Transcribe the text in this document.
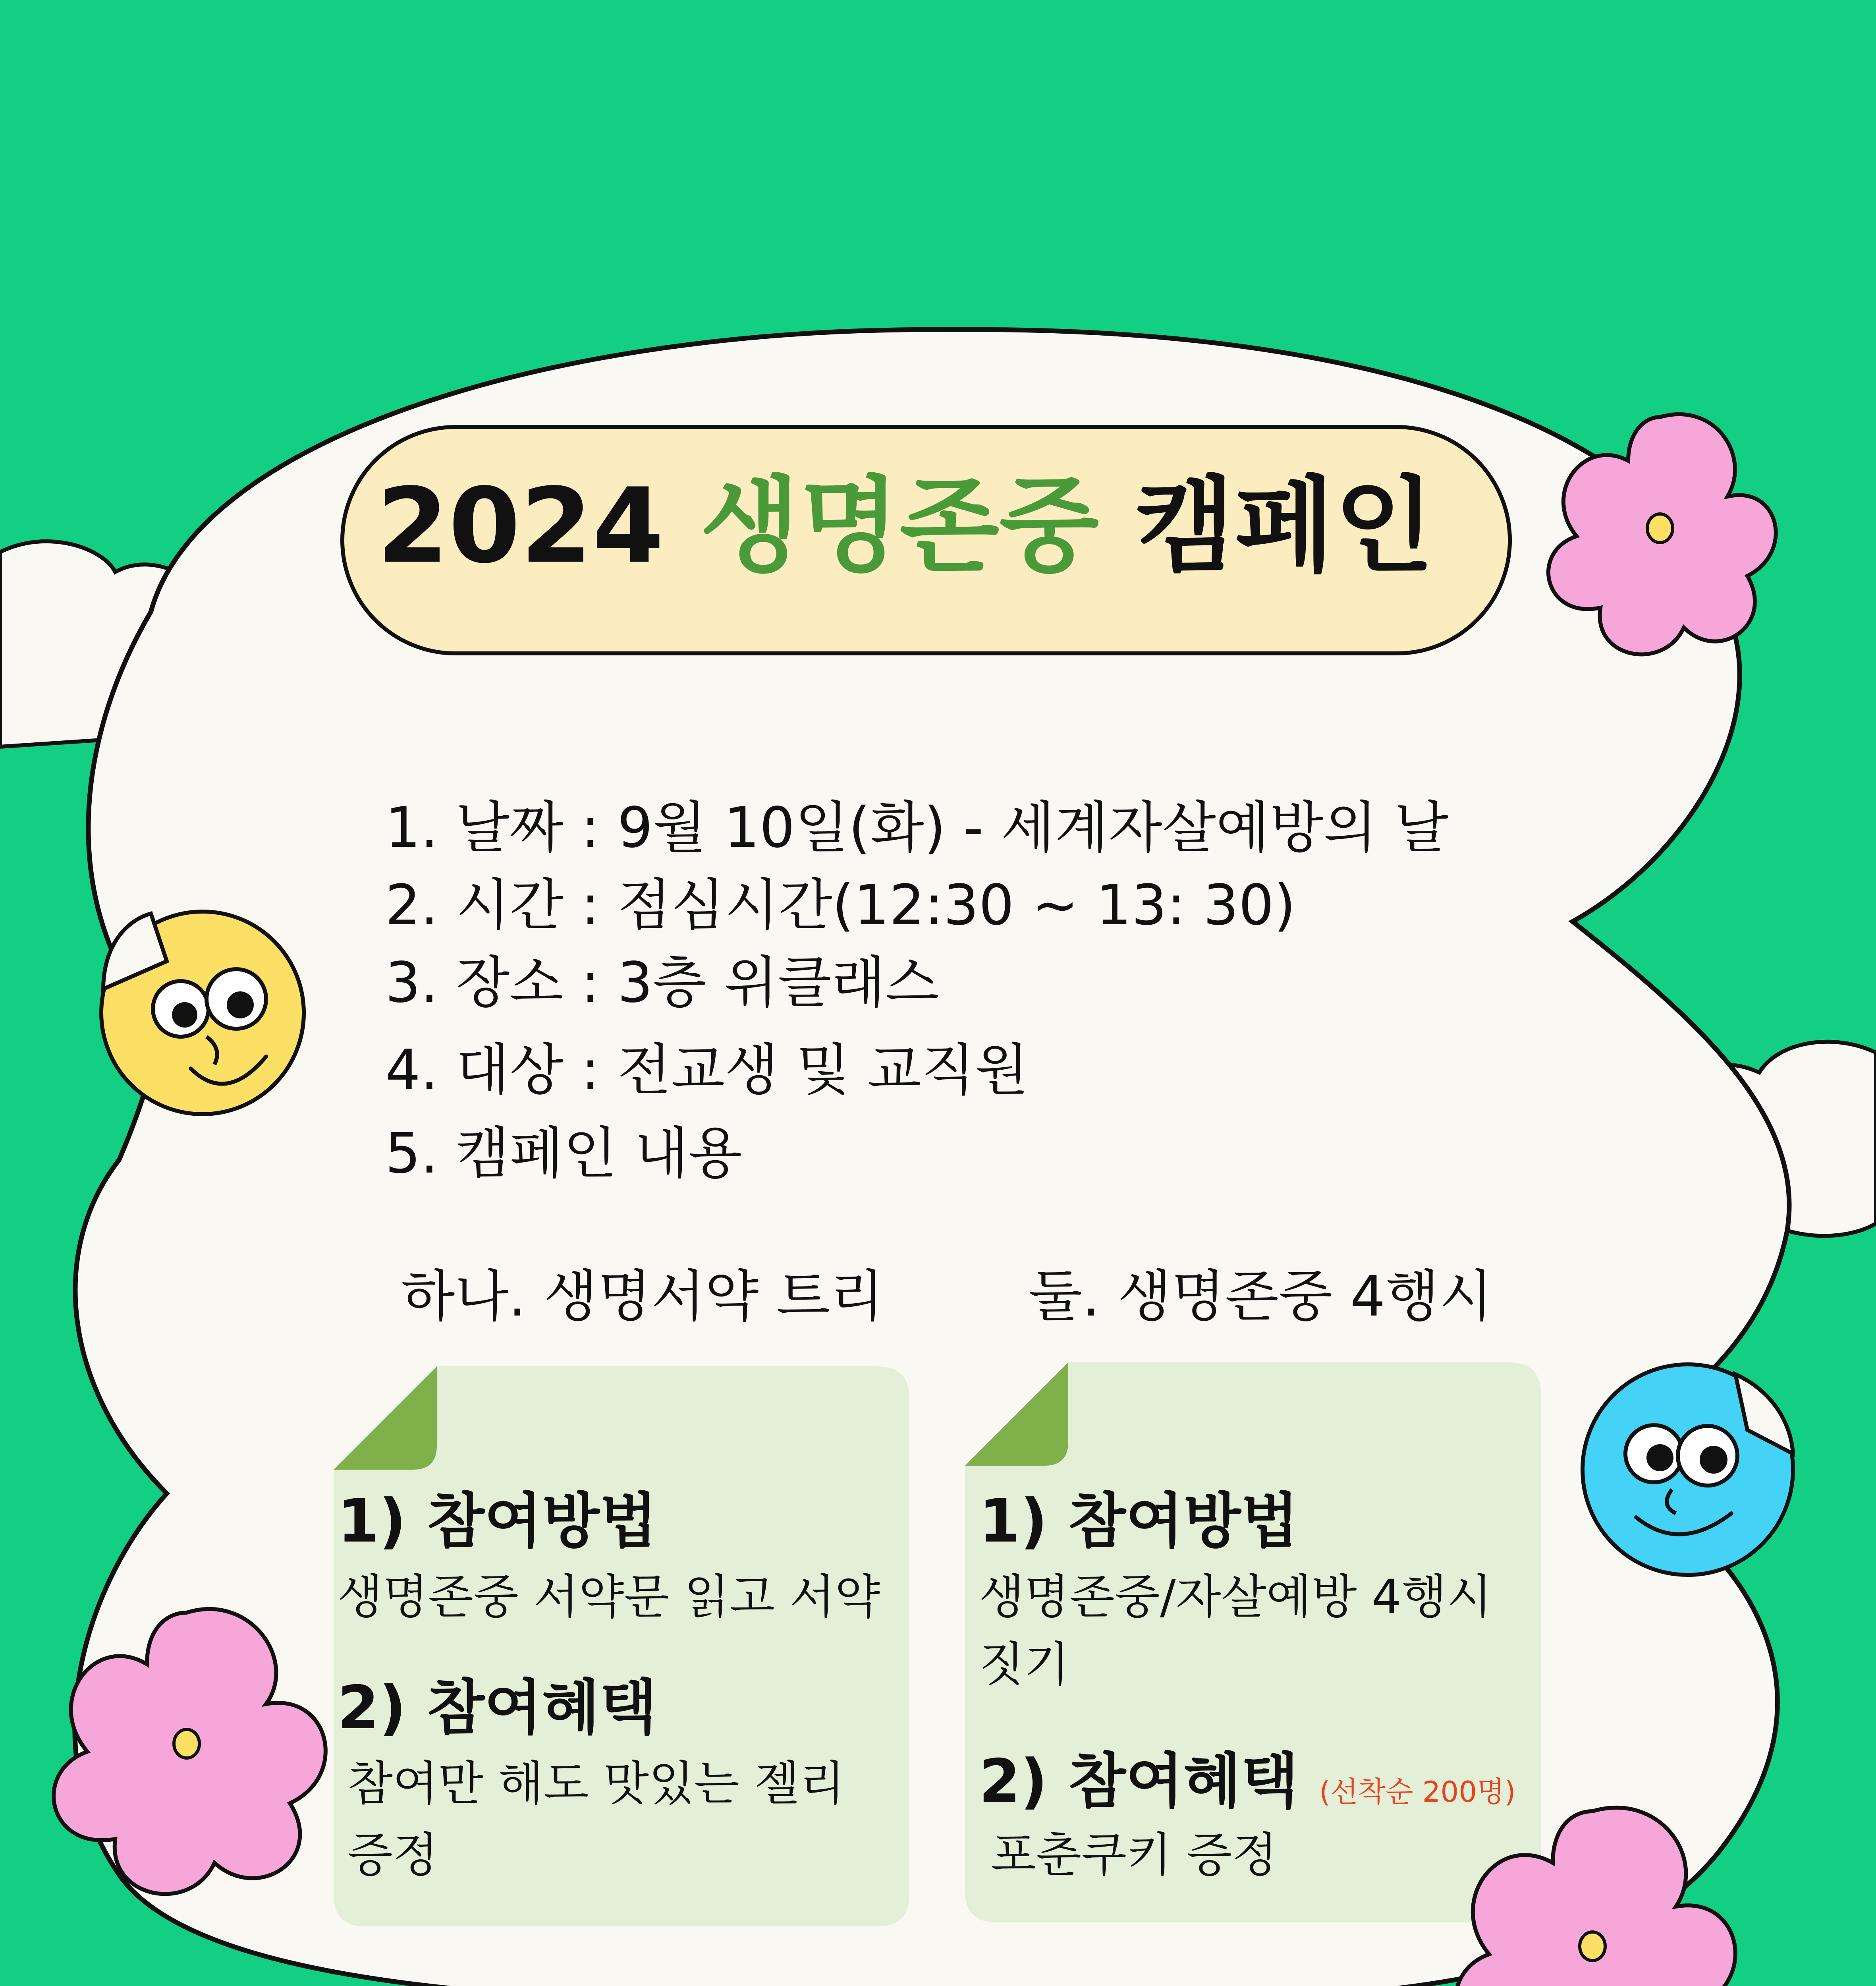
2024 생명존중 캠페인
1. 날짜 : 9월 10일(화) - 세계자살예방의 날
2. 시간 : 점심시간(12:30 ~ 13: 30)
3. 장소 : 3층 위클래스
4. 대상 : 전교생 및 교직원
5. 캠페인 내용
하나. 생명서약 트리	둘. 생명존중 4행시
1) 참여방법
생명존중 서약문 읽고 서약
2) 참여혜택
참여만 해도 맛있는 젤리
증정
1) 참여방법
생명존중/자살예방 4행시
짓기
2) 참여혜택 (선착순 200명)
포춘쿠키 증정
